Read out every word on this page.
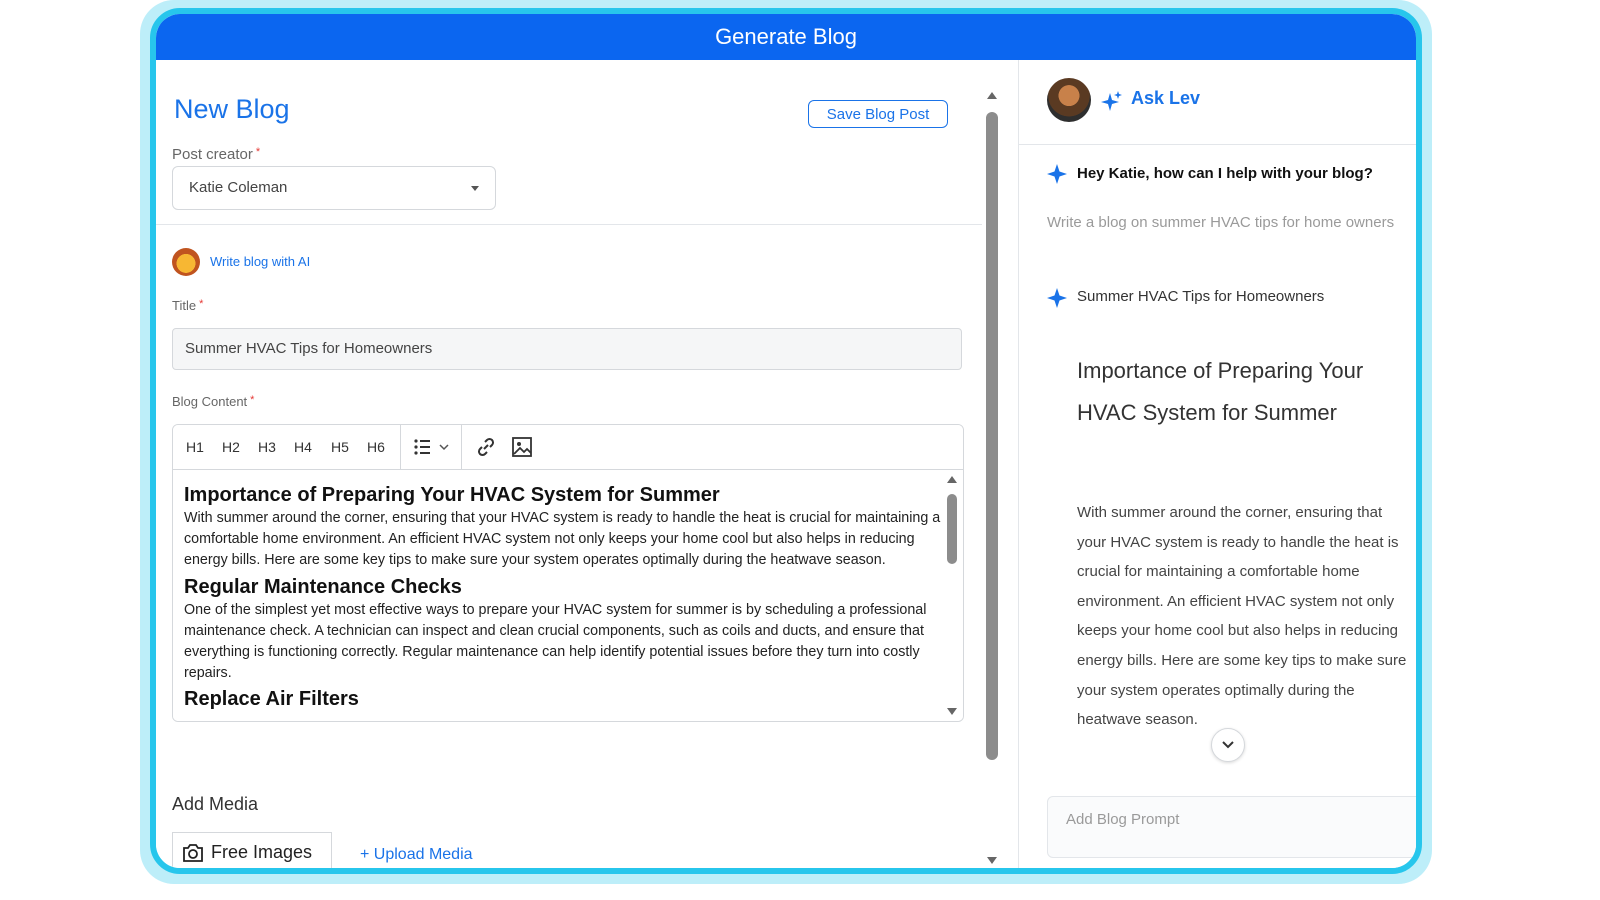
Generate Blog
New Blog	Save Blog Post
Post creator *
Katie Coleman
Write blog with AI
Title *
Summer HVAC Tips for Homeowners
Blog Content *
H1 H2 H3 H4 H5 H6
Importance of Preparing Your HVAC System for Summer

With summer around the corner, ensuring that your HVAC system is ready to handle the heat is crucial for maintaining a comfortable home environment. An efficient HVAC system not only keeps your home cool but also helps in reducing energy bills. Here are some key tips to make sure your system operates optimally during the heatwave season.

Regular Maintenance Checks

One of the simplest yet most effective ways to prepare your HVAC system for summer is by scheduling a professional maintenance check. A technician can inspect and clean crucial components, such as coils and ducts, and ensure that everything is functioning correctly. Regular maintenance can help identify potential issues before they turn into costly repairs.

Replace Air Filters
Add Media
Free Images	+ Upload Media
Ask Lev
Hey Katie, how can I help with your blog?
Write a blog on summer HVAC tips for home owners
Summer HVAC Tips for Homeowners
Importance of Preparing Your HVAC System for Summer
With summer around the corner, ensuring that your HVAC system is ready to handle the heat is crucial for maintaining a comfortable home environment. An efficient HVAC system not only keeps your home cool but also helps in reducing energy bills. Here are some key tips to make sure your system operates optimally during the heatwave season.
Add Blog Prompt
